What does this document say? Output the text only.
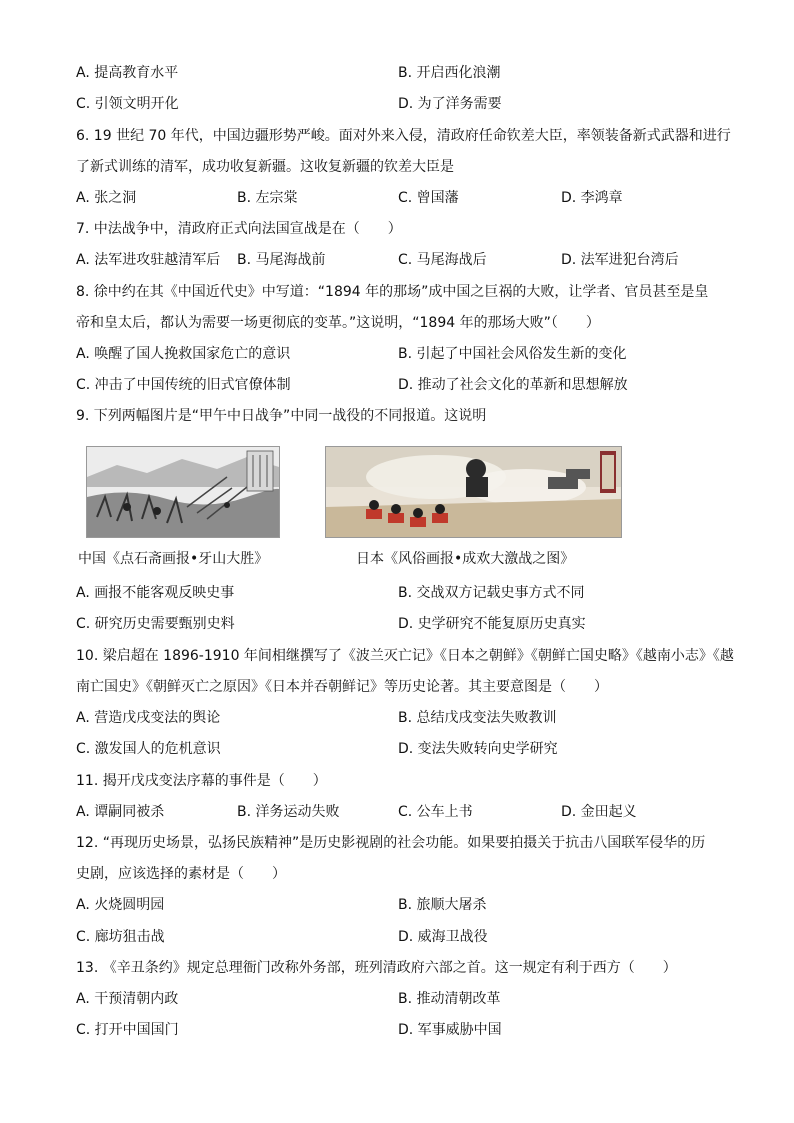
A. 提高教育水平	B. 开启西化浪潮
C. 引领文明开化	D. 为了洋务需要
6. 19 世纪 70 年代，中国边疆形势严峻。面对外来入侵，清政府任命钦差大臣，率领装备新式武器和进行
了新式训练的清军，成功收复新疆。这收复新疆的钦差大臣是
A. 张之洞	B. 左宗棠	C. 曾国藩	D. 李鸿章
7. 中法战争中，清政府正式向法国宣战是在（　　）
A. 法军进攻驻越清军后 B. 马尾海战前	C. 马尾海战后	D. 法军进犯台湾后
8. 徐中约在其《中国近代史》中写道：“1894 年的那场”成中国之巨祸的大败，让学者、官员甚至是皇
帝和皇太后，都认为需要一场更彻底的变革。”这说明，“1894 年的那场大败”（　　）
A. 唤醒了国人挽救国家危亡的意识	B. 引起了中国社会风俗发生新的变化
C. 冲击了中国传统的旧式官僚体制	D. 推动了社会文化的革新和思想解放
9. 下列两幅图片是“甲午中日战争”中同一战役的不同报道。这说明
中国《点石斋画报•牙山大胜》	日本《风俗画报•成欢大激战之图》
A. 画报不能客观反映史事	B. 交战双方记载史事方式不同
C. 研究历史需要甄别史料	D. 史学研究不能复原历史真实
10. 梁启超在 1896-1910 年间相继撰写了《波兰灭亡记》《日本之朝鲜》《朝鲜亡国史略》《越南小志》《越
南亡国史》《朝鲜灭亡之原因》《日本并吞朝鲜记》等历史论著。其主要意图是（　　）
A. 营造戊戌变法的舆论	B. 总结戊戌变法失败教训
C. 激发国人的危机意识	D. 变法失败转向史学研究
11. 揭开戊戌变法序幕的事件是（　　）
A. 谭嗣同被杀	B. 洋务运动失败	C. 公车上书	D. 金田起义
12. “再现历史场景，弘扬民族精神”是历史影视剧的社会功能。如果要拍摄关于抗击八国联军侵华的历
史剧，应该选择的素材是（　　）
A. 火烧圆明园	B. 旅顺大屠杀
C. 廊坊狙击战	D. 威海卫战役
13. 《辛丑条约》规定总理衙门改称外务部，班列清政府六部之首。这一规定有利于西方（　　）
A. 干预清朝内政	B. 推动清朝改革
C. 打开中国国门	D. 军事威胁中国
